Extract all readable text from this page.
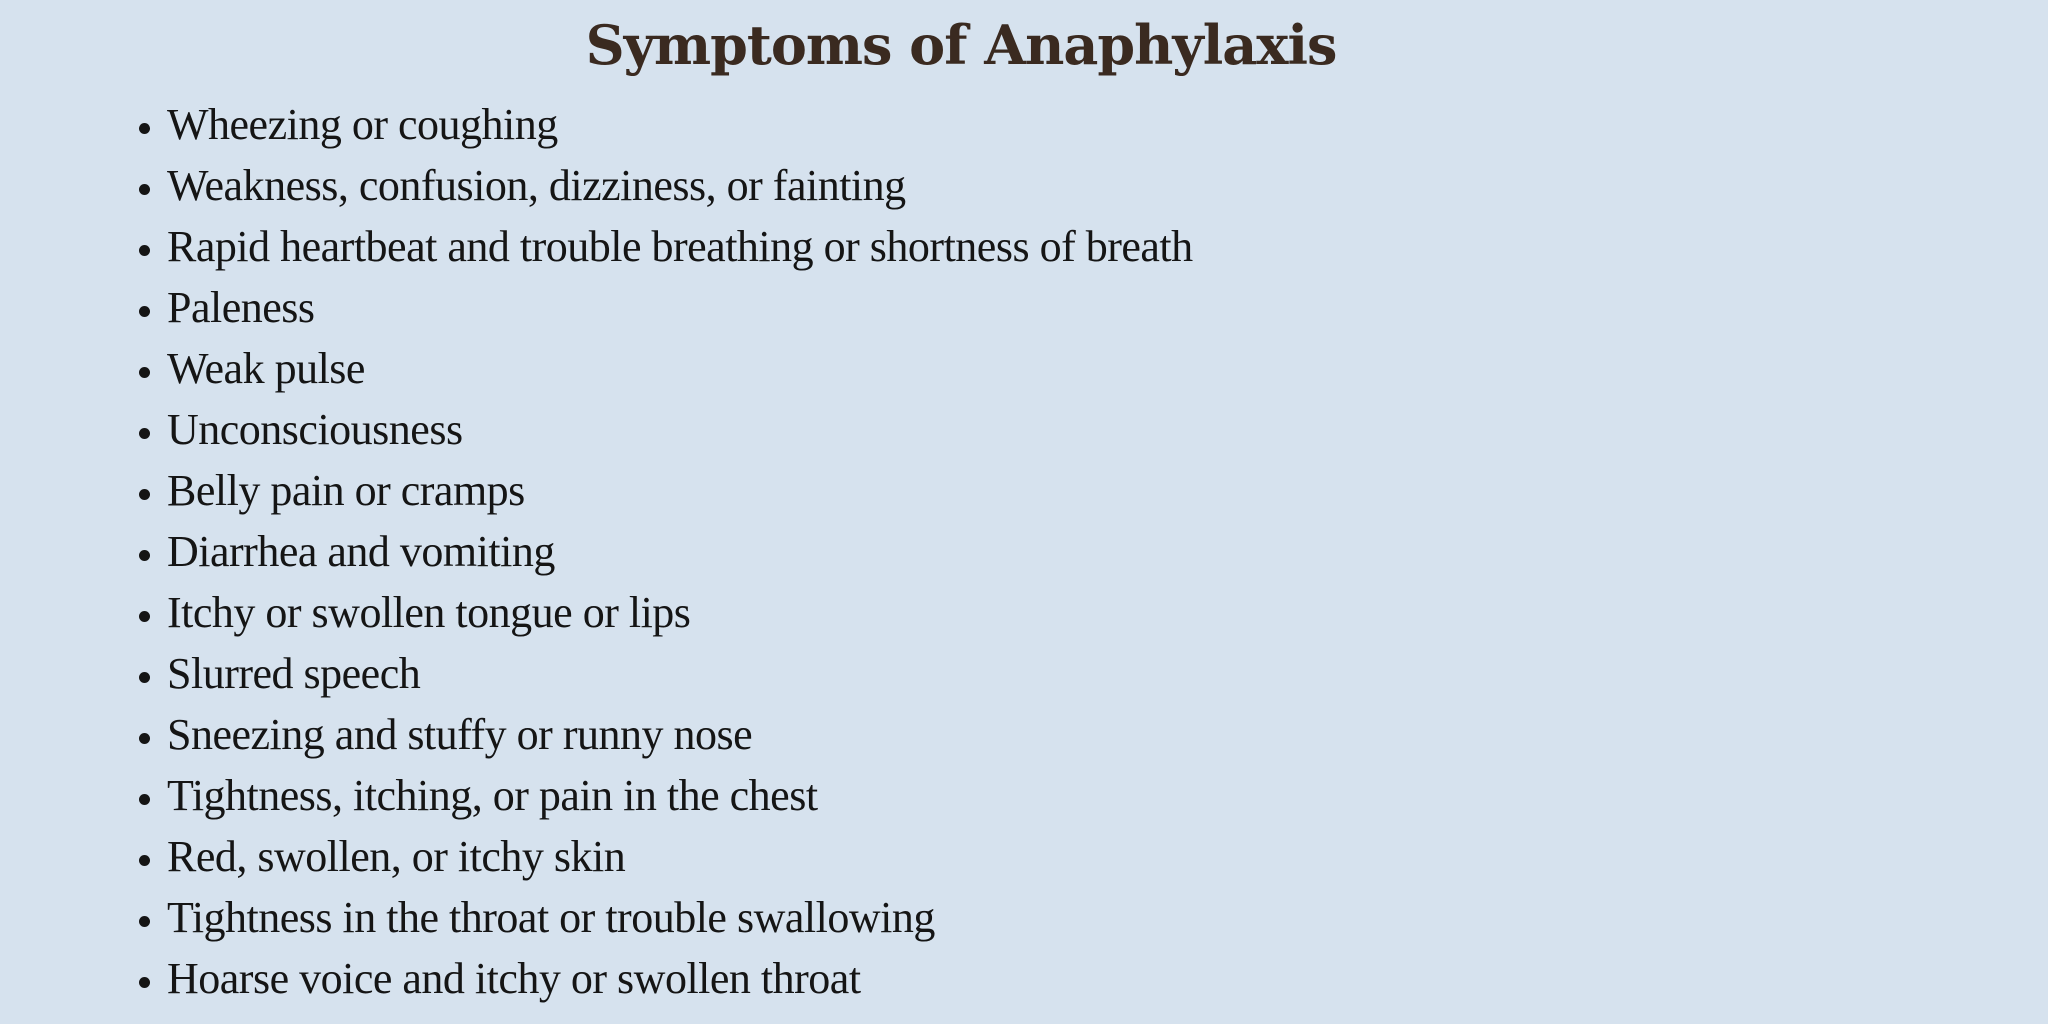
Symptoms of Anaphylaxis
• Wheezing or coughing
• Weakness, confusion, dizziness, or fainting
• Rapid heartbeat and trouble breathing or shortness of breath
• Paleness
• Weak pulse
• Unconsciousness
• Belly pain or cramps
• Diarrhea and vomiting
• Itchy or swollen tongue or lips
• Slurred speech
• Sneezing and stuffy or runny nose
• Tightness, itching, or pain in the chest
• Red, swollen, or itchy skin
• Tightness in the throat or trouble swallowing
• Hoarse voice and itchy or swollen throat
